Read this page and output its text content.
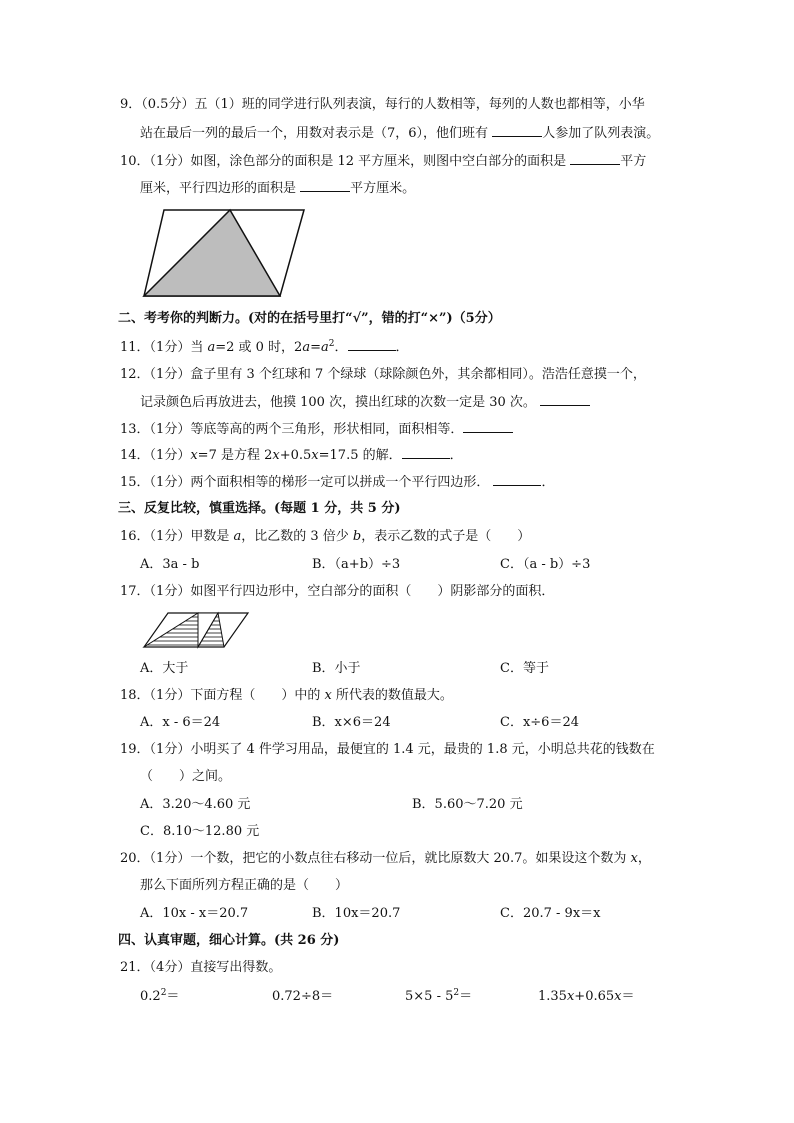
9．（0.5分）五（1）班的同学进行队列表演，每行的人数相等，每列的人数也都相等，小华
站在最后一列的最后一个，用数对表示是（7，6），他们班有	人参加了队列表演。
10．（1分）如图，涂色部分的面积是 12 平方厘米，则图中空白部分的面积是	平方
厘米，平行四边形的面积是	平方厘米。
二、考考你的判断力。(对的在括号里打“√”，错的打“×”)（5分）
11．（1分）当 a=2 或 0 时，$2a=a^2$．	．
12．（1分）盒子里有 3 个红球和 7 个绿球（球除颜色外，其余都相同）。浩浩任意摸一个，
记录颜色后再放进去，他摸 100 次，摸出红球的次数一定是 30 次。
13．（1分）等底等高的两个三角形，形状相同，面积相等．
14．（1分）x=7 是方程 2x+0.5x=17.5 的解．	．
15．（1分）两个面积相等的梯形一定可以拼成一个平行四边形．	．
三、反复比较，慎重选择。(每题 1 分，共 5 分)
16．（1分）甲数是 a，比乙数的 3 倍少 b，表示乙数的式子是（　　）
A．3a - b	B．（a+b）÷3	C．（a - b）÷3
17．（1分）如图平行四边形中，空白部分的面积（　　）阴影部分的面积．
A．大于	B．小于	C．等于
18．（1分）下面方程（　　）中的 x 所代表的数值最大。
A．x - 6＝24	B．x×6＝24	C．x÷6＝24
19．（1分）小明买了 4 件学习用品，最便宜的 1.4 元，最贵的 1.8 元，小明总共花的钱数在
（　　）之间。
A．3.20～4.60 元	B．5.60～7.20 元
C．8.10～12.80 元
20．（1分）一个数，把它的小数点往右移动一位后，就比原数大 20.7。如果设这个数为 x，
那么下面所列方程正确的是（　　）
A．10x - x＝20.7	B．10x＝20.7	C．20.7 - 9x＝x
四、认真审题，细心计算。(共 26 分)
21．（4分）直接写出得数。
$0.2^2=$	0.72÷8＝	$5\times 5 - 5^2=$	1.35x+0.65x＝
